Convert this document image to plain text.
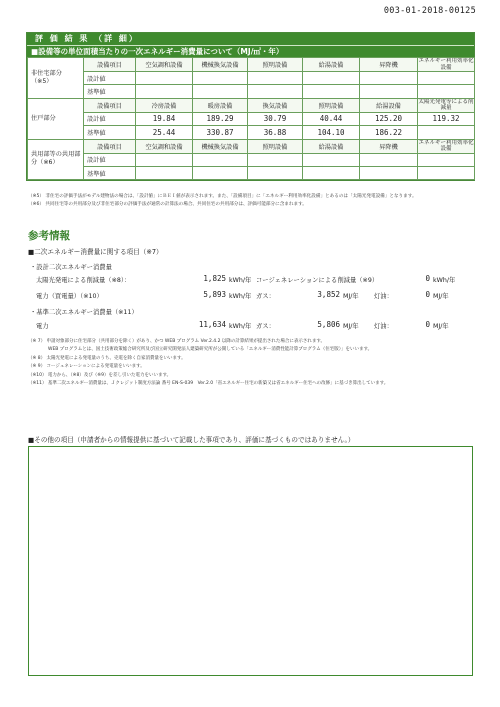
003-01-2018-00125
評 価 結 果 （詳 細）
■設備等の単位面積当たりの一次エネルギー消費量について（MJ/㎡・年）
非住宅部分
（※5）	設備項目	空気調和設備	機械換気設備	照明設備	給湯設備	昇降機	エネルギー利用効率化設備
	設計値						
	基準値						
住戸部分	設備項目	冷房設備	暖房設備	換気設備	照明設備	給湯設備	太陽光発電等による削減量
	設計値	19.84	189.29	30.79	40.44	125.20	119.32
	基準値	25.44	330.87	36.88	104.10	186.22	
共用部等の共用部分（※6）	設備項目	空気調和設備	機械換気設備	照明設備	給湯設備	昇降機	エネルギー利用効率化設備
	設計値						
	基準値						
（※5） 非住宅の評価手法がモデル建物法の場合は、「設計値」にＢＥＩ値が表示されます。また、「設備項目」に「エネルギー利用効率化設備」とあるのは「太陽光発電設備」となります。
（※6） 共同住宅等の共用部分及び非住宅部分の評価手法が通常の計算法の場合、共同住宅の共用部分は、評価可能部分に含まれます。
参考情報
■二次エネルギー消費量に関する項目（※7）
・設計二次エネルギー消費量
太陽光発電による削減量（※8）：	1,825 kWh/年 コージェネレーションによる削減量（※9）	0 kWh/年
電力（買電量）（※10）	5,893 kWh/年 ガス：	3,852 MJ/年 灯油：	0 MJ/年
・基準二次エネルギー消費量（※11）
電力	11,634 kWh/年 ガス：	5,806 MJ/年 灯油：	0 MJ/年
（※ 7） 申請対象部分に住宅部分（共用部分を除く）があり、かつ WEB プログラム Ver.2.4.2 以降の計算結果が提出された場合に表示されます。
WEB プログラムとは、国土技術政策総合研究所及び国立研究開発法人建築研究所が公開している「エネルギー消費性能計算プログラム（住宅版）」をいいます。
（※ 8） 太陽光発電による発電量のうち、売電を除く自家消費量をいいます。
（※ 9） コージェネレーションによる発電量をいいます。
（※10） 電力から、（※8）及び（※9）を差し引いた電力をいいます。
（※11） 基準二次エネルギー消費量は、Ｊクレジット制度方法論 番号 EN-S-039　Ver.2.0「省エネルギー住宅の新築又は省エネルギー住宅への改修」に基づき算出しています。
■その他の項目（申請者からの情報提供に基づいて記載した事項であり、評価に基づくものではありません。）
